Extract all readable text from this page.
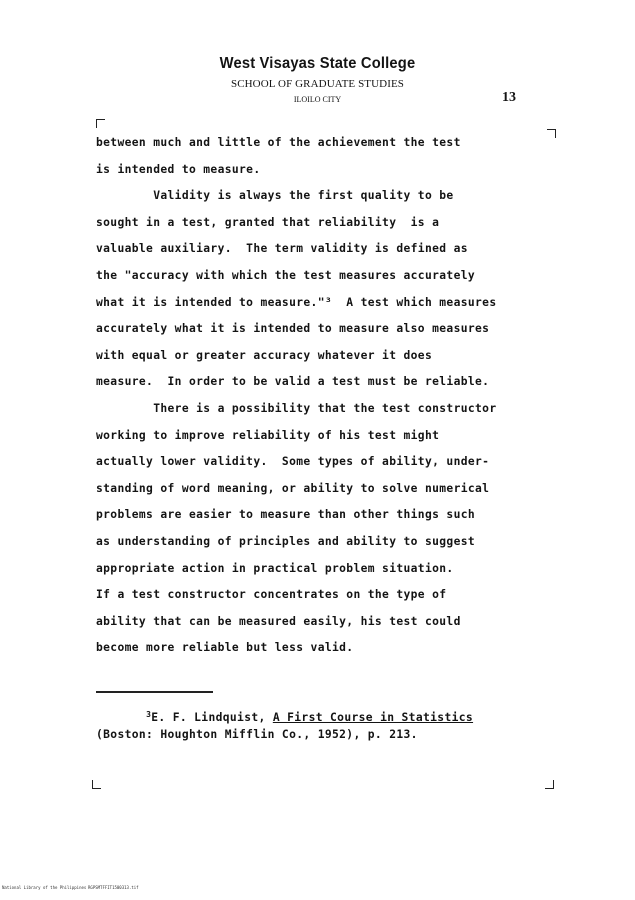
West Visayas State College
SCHOOL OF GRADUATE STUDIES
ILOILO CITY	13
between much and little of the achievement the test
is intended to measure.
Validity is always the first quality to be
sought in a test, granted that reliability  is a
valuable auxiliary.  The term validity is defined as
the "accuracy with which the test measures accurately
what it is intended to measure."³  A test which measures
accurately what it is intended to measure also measures
with equal or greater accuracy whatever it does
measure.  In order to be valid a test must be reliable.
There is a possibility that the test constructor
working to improve reliability of his test might
actually lower validity.  Some types of ability, under-
standing of word meaning, or ability to solve numerical
problems are easier to measure than other things such
as understanding of principles and ability to suggest
appropriate action in practical problem situation.
If a test constructor concentrates on the type of
ability that can be measured easily, his test could
become more reliable but less valid.
$^3$E. F. Lindquist, A First Course in Statistics
(Boston: Houghton Mifflin Co., 1952), p. 213.
National Library of the Philippines RGPSMTFFIT1500313.tif
